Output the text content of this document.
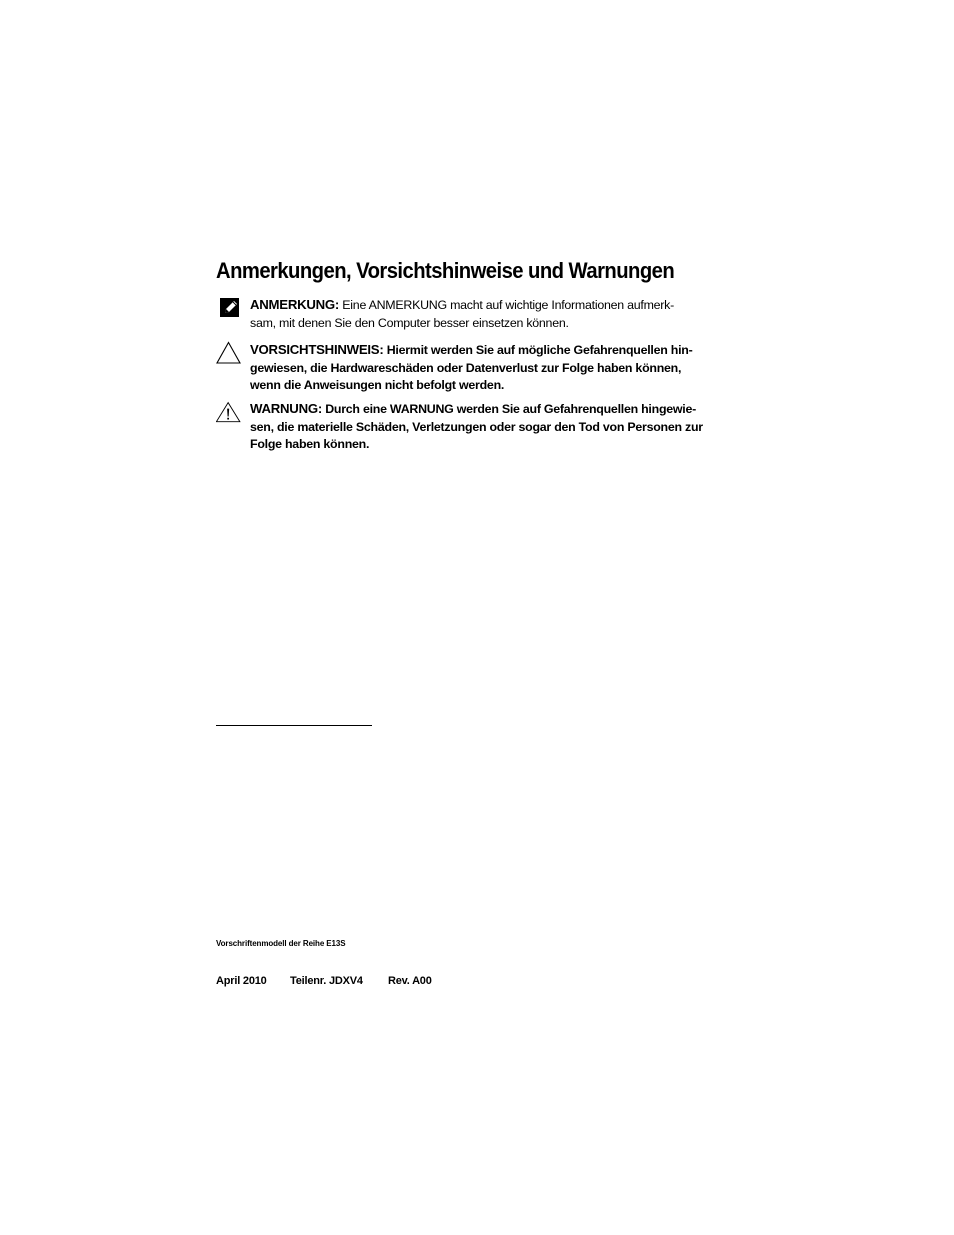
Anmerkungen, Vorsichtshinweise und Warnungen
ANMERKUNG: Eine ANMERKUNG macht auf wichtige Informationen aufmerk-
sam, mit denen Sie den Computer besser einsetzen können.
VORSICHTSHINWEIS: Hiermit werden Sie auf mögliche Gefahrenquellen hin-
gewiesen, die Hardwareschäden oder Datenverlust zur Folge haben können,
wenn die Anweisungen nicht befolgt werden.
WARNUNG: Durch eine WARNUNG werden Sie auf Gefahrenquellen hingewie-
sen, die materielle Schäden, Verletzungen oder sogar den Tod von Personen zur
Folge haben können.
Vorschriftenmodell der Reihe E13S
April 2010 Teilenr. JDXV4 Rev. A00
